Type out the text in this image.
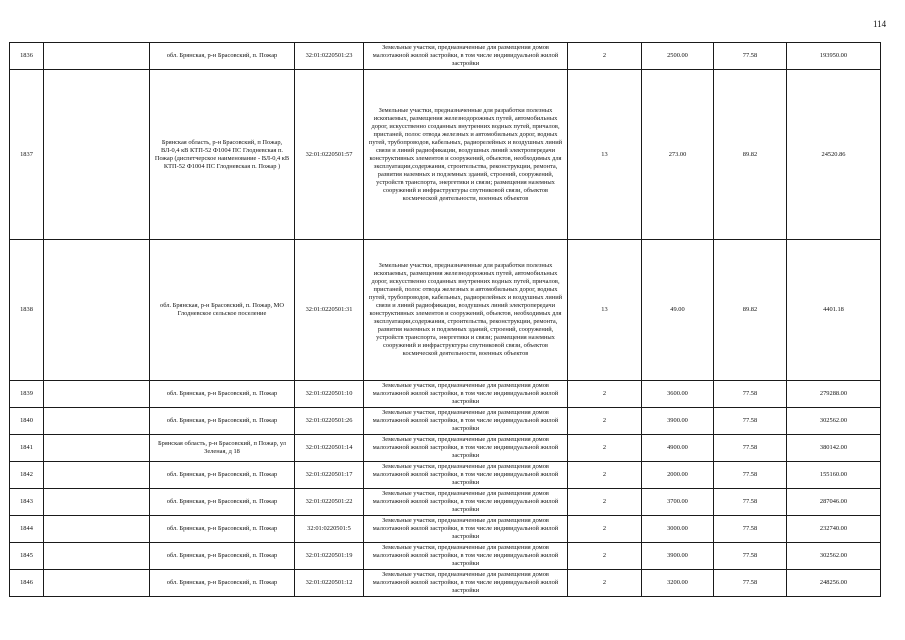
114
1836		обл. Брянская, р-н Брасовский, п. Пожар	32:01:0220501:23	Земельные участки, предназначенные для размещения домов малоэтажной жилой застройки, в том числе индивидуальной жилой застройки	2	2500.00	77.58	193950.00
1837		Брянская область, р-н Брасовский, п Пожар, ВЛ-0,4 кВ КТП-52 Ф1004 ПС Глодневская п. Пожар (диспетчерское наименование - ВЛ-0,4 кВ КТП-52 Ф1004 ПС Глодневская п. Пожар )	32:01:0220501:57	Земельные участки, предназначенные для разработки полезных ископаемых, размещения железнодорожных путей, автомобильных дорог, искусственно созданных внутренних водных путей, причалов, пристаней, полос отвода железных и автомобильных дорог, водных путей, трубопроводов, кабельных, радиорелейных и воздушных линий связи и линий радиофикации, воздушных линий электропередачи конструктивных элементов и сооружений, объектов, необходимых для эксплуатации,содержания, строительства, реконструкции, ремонта, развития наземных и подземных зданий, строений, сооружений, устройств транспорта, энергетики и связи; размещения наземных сооружений и инфраструктуры спутниковой связи, объектов космической деятельности, военных объектов	13	273.00	89.82	24520.86
1838		обл. Брянская, р-н Брасовский, п. Пожар, МО Глодневское сельское поселение	32:01:0220501:31	Земельные участки, предназначенные для разработки полезных ископаемых, размещения железнодорожных путей, автомобильных дорог, искусственно созданных внутренних водных путей, причалов, пристаней, полос отвода железных и автомобильных дорог, водных путей, трубопроводов, кабельных, радиорелейных и воздушных линий связи и линий радиофикации, воздушных линий электропередачи конструктивных элементов и сооружений, объектов, необходимых для эксплуатации,содержания, строительства, реконструкции, ремонта, развития наземных и подземных зданий, строений, сооружений, устройств транспорта, энергетики и связи; размещения наземных сооружений и инфраструктуры спутниковой связи, объектов космической деятельности, военных объектов	13	49.00	89.82	4401.18
1839		обл. Брянская, р-н Брасовский, п. Пожар	32:01:0220501:10	Земельные участки, предназначенные для размещения домов малоэтажной жилой застройки, в том числе индивидуальной жилой застройки	2	3600.00	77.58	279288.00
1840		обл. Брянская, р-н Брасовский, п. Пожар	32:01:0220501:26	Земельные участки, предназначенные для размещения домов малоэтажной жилой застройки, в том числе индивидуальной жилой застройки	2	3900.00	77.58	302562.00
1841		Брянская область, р-н Брасовский, п Пожар, ул Зеленая, д 18	32:01:0220501:14	Земельные участки, предназначенные для размещения домов малоэтажной жилой застройки, в том числе индивидуальной жилой застройки	2	4900.00	77.58	380142.00
1842		обл. Брянская, р-н Брасовский, п. Пожар	32:01:0220501:17	Земельные участки, предназначенные для размещения домов малоэтажной жилой застройки, в том числе индивидуальной жилой застройки	2	2000.00	77.58	155160.00
1843		обл. Брянская, р-н Брасовский, п. Пожар	32:01:0220501:22	Земельные участки, предназначенные для размещения домов малоэтажной жилой застройки, в том числе индивидуальной жилой застройки	2	3700.00	77.58	287046.00
1844		обл. Брянская, р-н Брасовский, п. Пожар	32:01:0220501:5	Земельные участки, предназначенные для размещения домов малоэтажной жилой застройки, в том числе индивидуальной жилой застройки	2	3000.00	77.58	232740.00
1845		обл. Брянская, р-н Брасовский, п. Пожар	32:01:0220501:19	Земельные участки, предназначенные для размещения домов малоэтажной жилой застройки, в том числе индивидуальной жилой застройки	2	3900.00	77.58	302562.00
1846		обл. Брянская, р-н Брасовский, п. Пожар	32:01:0220501:12	Земельные участки, предназначенные для размещения домов малоэтажной жилой застройки, в том числе индивидуальной жилой застройки	2	3200.00	77.58	248256.00
